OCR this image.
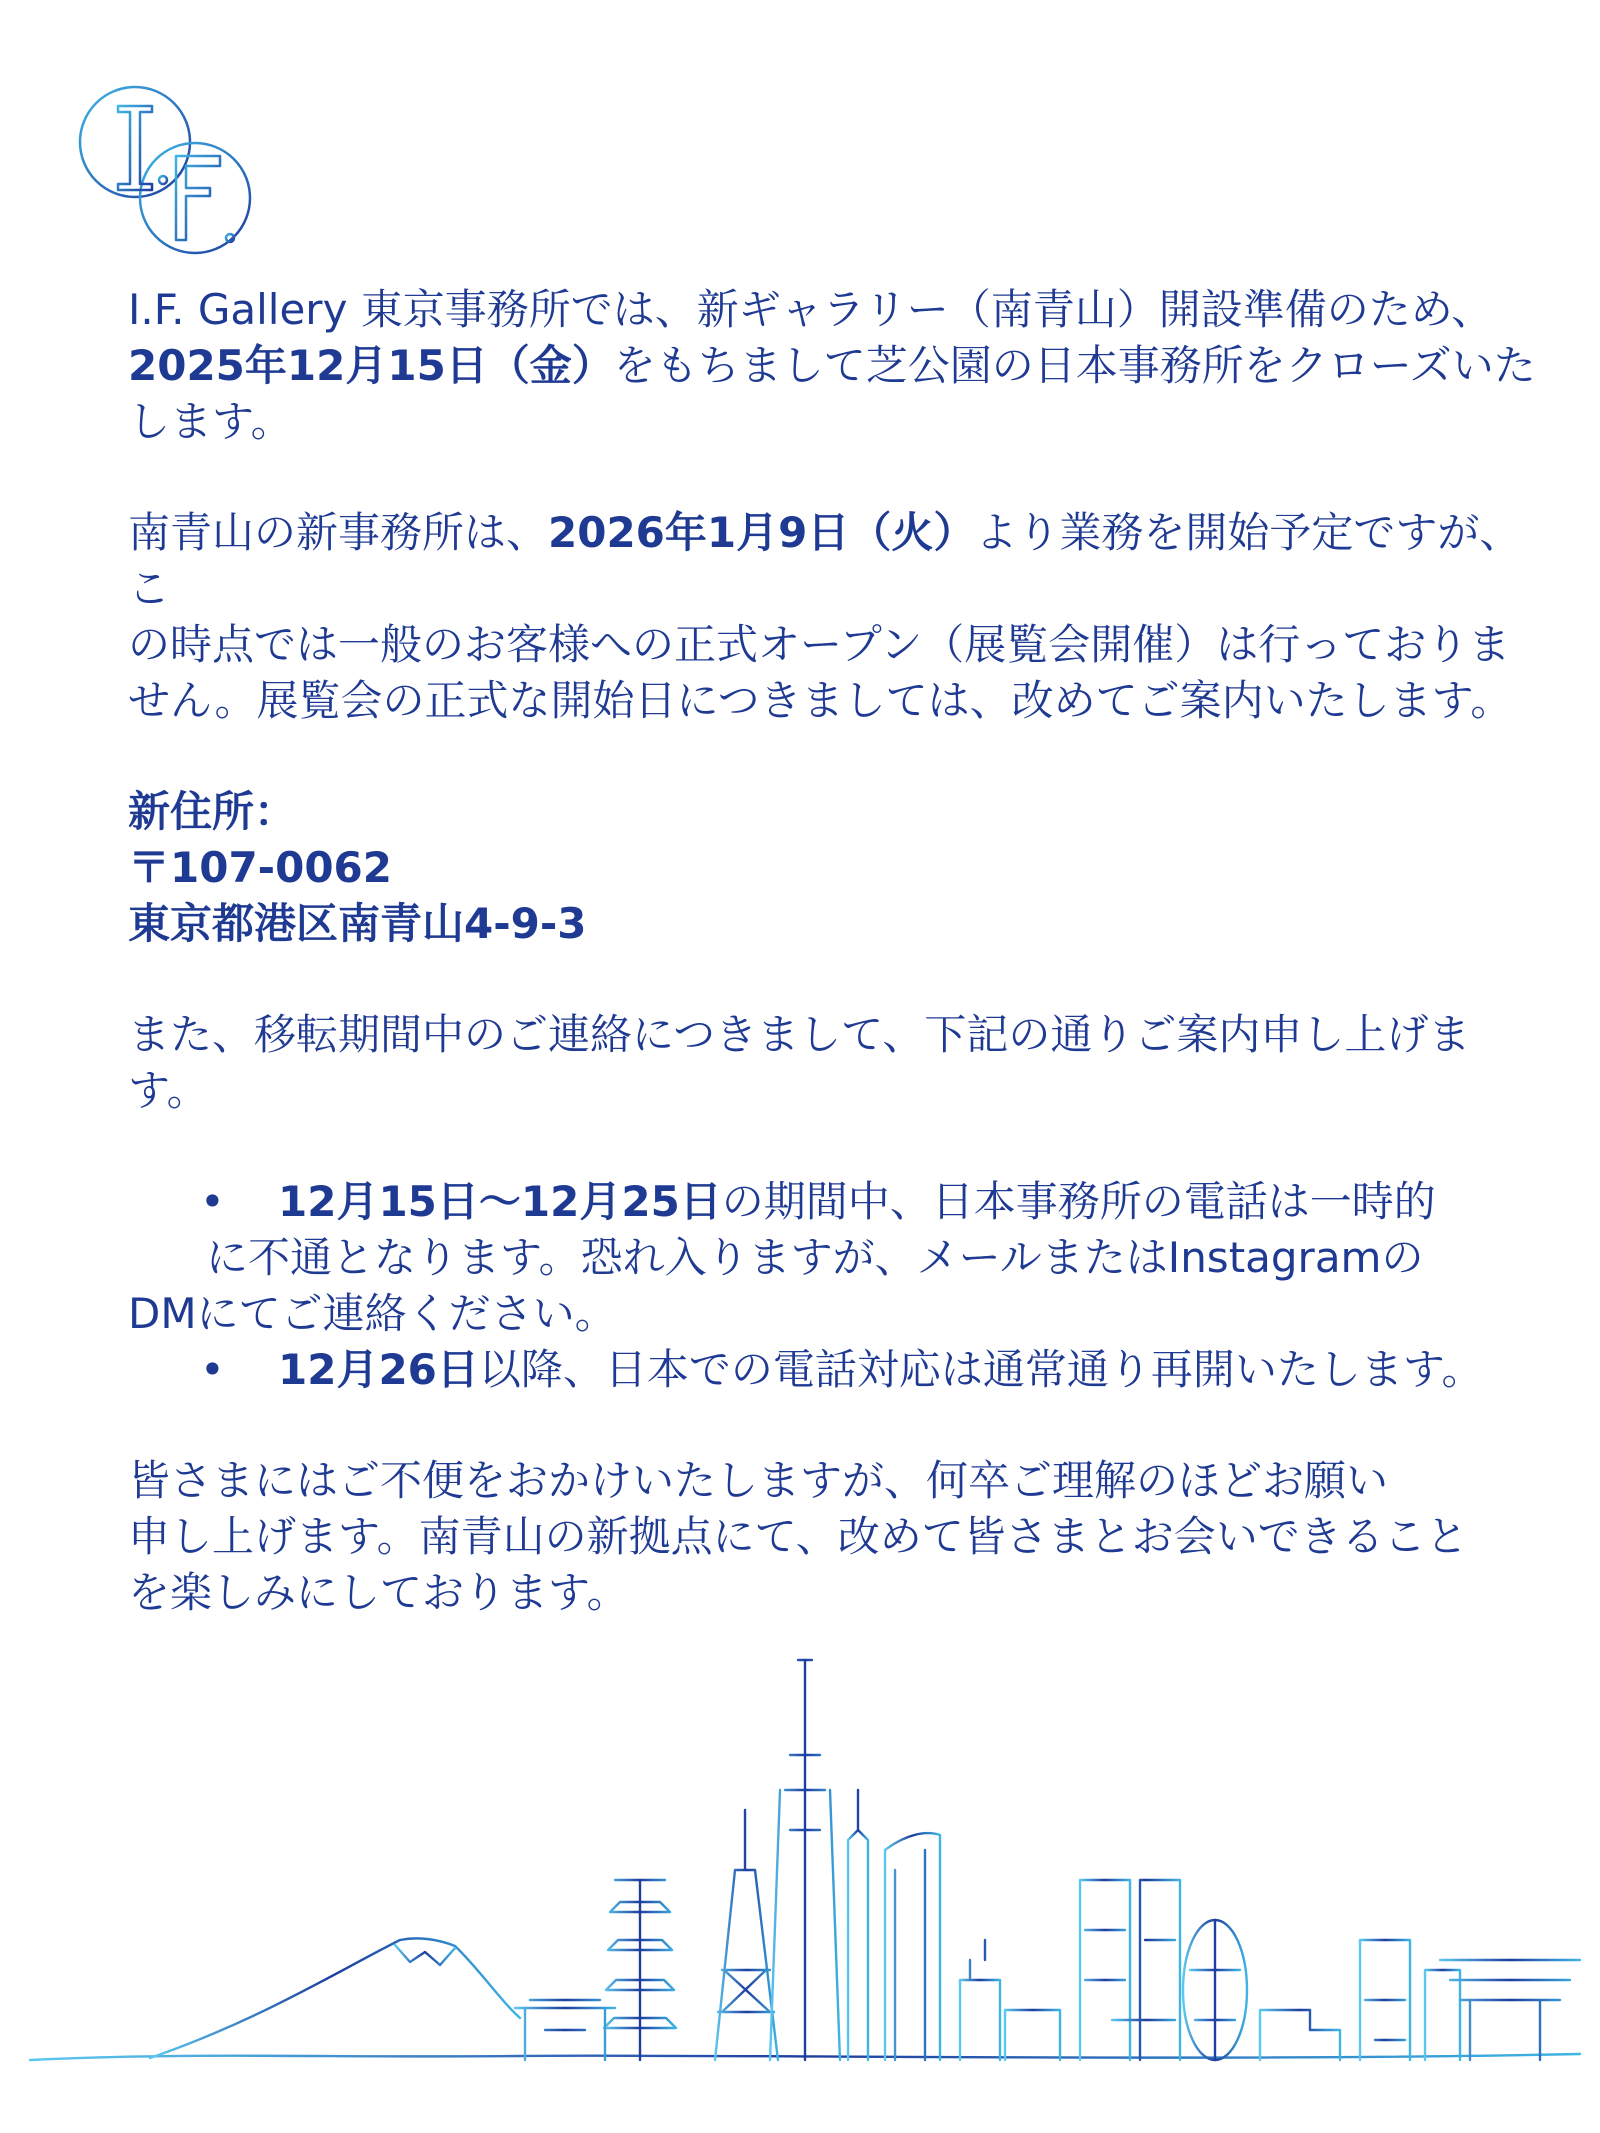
I.F. Gallery 東京事務所では、新ギャラリー（南青山）開設準備のため、
2025年12月15日（金）をもちまして芝公園の日本事務所をクローズいた
します。

南青山の新事務所は、2026年1月9日（火）より業務を開始予定ですが、こ
の時点では一般のお客様への正式オープン（展覧会開催）は行っておりま
せん。展覧会の正式な開始日につきましては、改めてご案内いたします。

新住所：
〒107-0062
東京都港区南青山4-9-3

また、移転期間中のご連絡につきまして、下記の通りご案内申し上げます。

•	12月15日〜12月25日の期間中、日本事務所の電話は一時的
に不通となります。恐れ入りますが、メールまたはInstagramの
DMにてご連絡ください。
•	12月26日以降、日本での電話対応は通常通り再開いたします。

皆さまにはご不便をおかけいたしますが、何卒ご理解のほどお願い
申し上げます。南青山の新拠点にて、改めて皆さまとお会いできること
を楽しみにしております。
